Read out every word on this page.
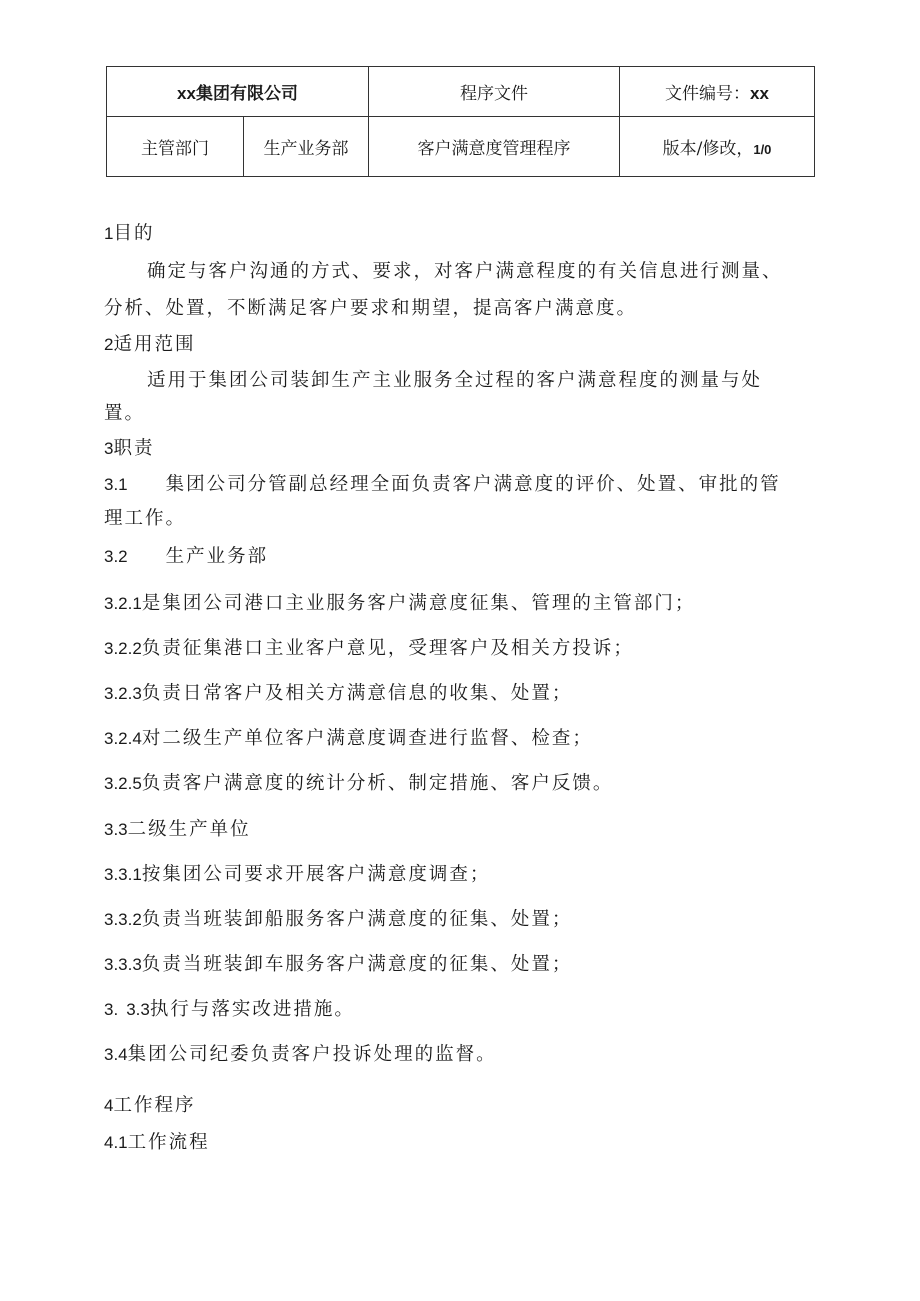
xx集团有限公司		程序文件	文件编号：xx
主管部门	生产业务部	客户满意度管理程序	版本/修改，1/0
1目的
确定与客户沟通的方式、要求，对客户满意程度的有关信息进行测量、
分析、处置，不断满足客户要求和期望，提高客户满意度。
2适用范围
适用于集团公司装卸生产主业服务全过程的客户满意程度的测量与处
置。
3职责
3.1 集团公司分管副总经理全面负责客户满意度的评价、处置、审批的管
理工作。
3.2 生产业务部
3.2.1是集团公司港口主业服务客户满意度征集、管理的主管部门；
3.2.2负责征集港口主业客户意见，受理客户及相关方投诉；
3.2.3负责日常客户及相关方满意信息的收集、处置；
3.2.4对二级生产单位客户满意度调查进行监督、检查；
3.2.5负责客户满意度的统计分析、制定措施、客户反馈。
3.3二级生产单位
3.3.1按集团公司要求开展客户满意度调查；
3.3.2负责当班装卸船服务客户满意度的征集、处置；
3.3.3负责当班装卸车服务客户满意度的征集、处置；
3. 3.3执行与落实改进措施。
3.4集团公司纪委负责客户投诉处理的监督。
4工作程序
4.1工作流程
